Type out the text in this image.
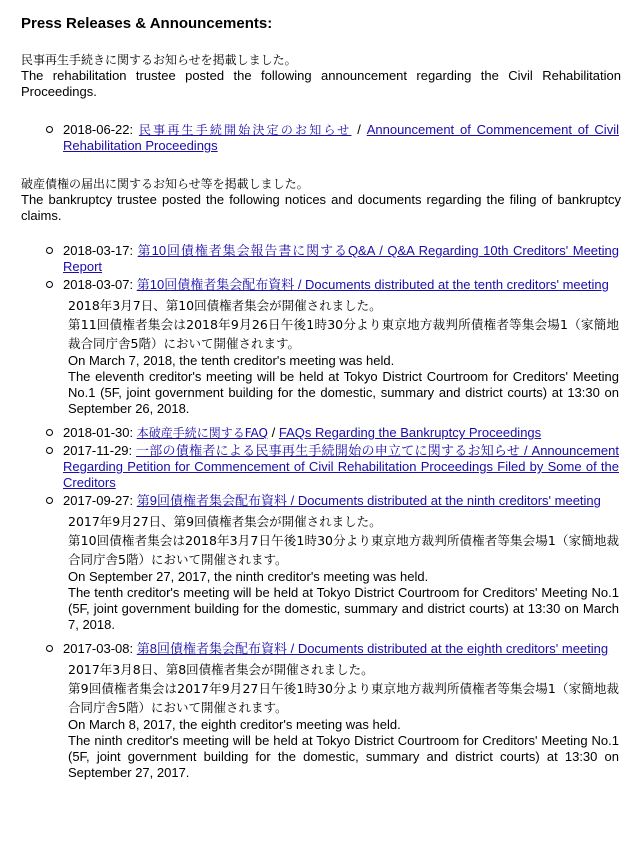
Press Releases & Announcements:
民事再生手続きに関するお知らせを掲載しました。
The rehabilitation trustee posted the following announcement regarding the Civil Rehabilitation Proceedings.
2018-06-22: 民事再生手続開始決定のお知らせ / Announcement of Commencement of Civil Rehabilitation Proceedings
破産債権の届出に関するお知らせ等を掲載しました。
The bankruptcy trustee posted the following notices and documents regarding the filing of bankruptcy claims.
2018-03-17: 第10回債権者集会報告書に関するQ&A / Q&A Regarding 10th Creditors' Meeting Report
2018-03-07: 第10回債権者集会配布資料 / Documents distributed at the tenth creditors' meeting
2018年3月7日、第10回債権者集会が開催されました。
第11回債権者集会は2018年9月26日午後1時30分より東京地方裁判所債権者等集会場1（家簡地裁合同庁舎5階）において開催されます。
On March 7, 2018, the tenth creditor's meeting was held.
The eleventh creditor's meeting will be held at Tokyo District Courtroom for Creditors' Meeting No.1 (5F, joint government building for the domestic, summary and district courts) at 13:30 on September 26, 2018.
2018-01-30: 本破産手続に関するFAQ / FAQs Regarding the Bankruptcy Proceedings
2017-11-29: 一部の債権者による民事再生手続開始の申立てに関するお知らせ / Announcement Regarding Petition for Commencement of Civil Rehabilitation Proceedings Filed by Some of the Creditors
2017-09-27: 第9回債権者集会配布資料 / Documents distributed at the ninth creditors' meeting
2017年9月27日、第9回債権者集会が開催されました。
第10回債権者集会は2018年3月7日午後1時30分より東京地方裁判所債権者等集会場1（家簡地裁合同庁舎5階）において開催されます。
On September 27, 2017, the ninth creditor's meeting was held.
The tenth creditor's meeting will be held at Tokyo District Courtroom for Creditors' Meeting No.1 (5F, joint government building for the domestic, summary and district courts) at 13:30 on March 7, 2018.
2017-03-08: 第8回債権者集会配布資料 / Documents distributed at the eighth creditors' meeting
2017年3月8日、第8回債権者集会が開催されました。
第9回債権者集会は2017年9月27日午後1時30分より東京地方裁判所債権者等集会場1（家簡地裁合同庁舎5階）において開催されます。
On March 8, 2017, the eighth creditor's meeting was held.
The ninth creditor's meeting will be held at Tokyo District Courtroom for Creditors' Meeting No.1 (5F, joint government building for the domestic, summary and district courts) at 13:30 on September 27, 2017.
